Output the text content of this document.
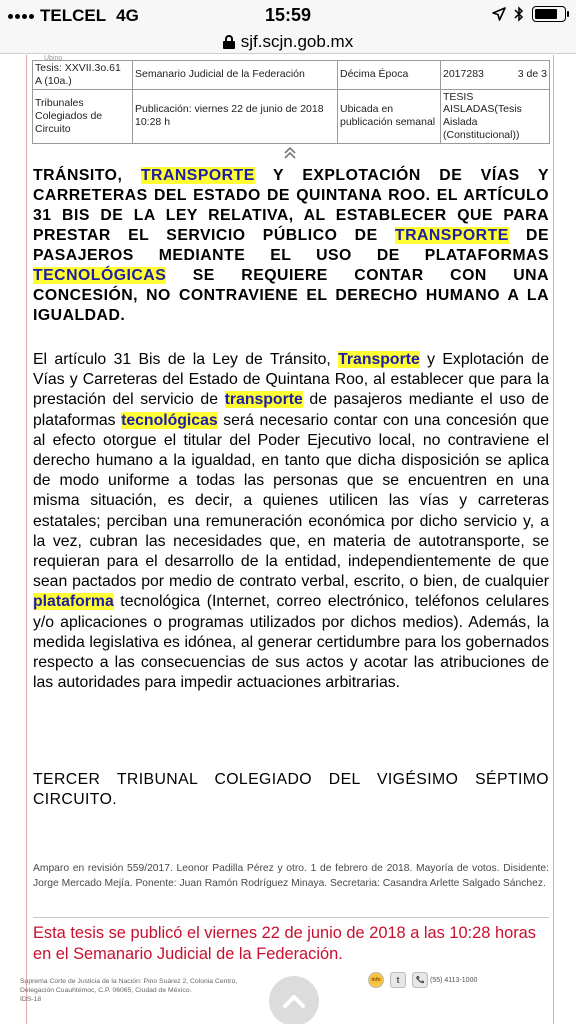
TELCEL 4G	15:59
sjf.scjn.gob.mx
Ubino
Tesis: XXVII.3o.61 A (10a.)	Semanario Judicial de la Federación	Décima Época	2017283 3 de 3

Tribunales Colegiados de Circuito	Publicación: viernes 22 de junio de 2018 10:28 h	Ubicada en publicación semanal	TESIS AISLADAS(Tesis Aislada (Constitucional))
TRÁNSITO, TRANSPORTE Y EXPLOTACIÓN DE VÍAS Y CARRETERAS DEL ESTADO DE QUINTANA ROO. EL ARTÍCULO 31 BIS DE LA LEY RELATIVA, AL ESTABLECER QUE PARA PRESTAR EL SERVICIO PÚBLICO DE TRANSPORTE DE PASAJEROS MEDIANTE EL USO DE PLATAFORMAS TECNOLÓGICAS SE REQUIERE CONTAR CON UNA CONCESIÓN, NO CONTRAVIENE EL DERECHO HUMANO A LA IGUALDAD.
El artículo 31 Bis de la Ley de Tránsito, Transporte y Explotación de Vías y Carreteras del Estado de Quintana Roo, al establecer que para la prestación del servicio de transporte de pasajeros mediante el uso de plataformas tecnológicas será necesario contar con una concesión que al efecto otorgue el titular del Poder Ejecutivo local, no contraviene el derecho humano a la igualdad, en tanto que dicha disposición se aplica de modo uniforme a todas las personas que se encuentren en una misma situación, es decir, a quienes utilicen las vías y carreteras estatales; perciban una remuneración económica por dicho servicio y, a la vez, cubran las necesidades que, en materia de autotransporte, se requieran para el desarrollo de la entidad, independientemente de que sean pactados por medio de contrato verbal, escrito, o bien, de cualquier plataforma tecnológica (Internet, correo electrónico, teléfonos celulares y/o aplicaciones o programas utilizados por dichos medios). Además, la medida legislativa es idónea, al generar certidumbre para los gobernados respecto a las consecuencias de sus actos y acotar las atribuciones de las autoridades para impedir actuaciones arbitrarias.
TERCER TRIBUNAL COLEGIADO DEL VIGÉSIMO SÉPTIMO CIRCUITO.
Amparo en revisión 559/2017. Leonor Padilla Pérez y otro. 1 de febrero de 2018. Mayoría de votos. Disidente: Jorge Mercado Mejía. Ponente: Juan Ramón Rodríguez Minaya. Secretaria: Casandra Arlette Salgado Sánchez.
Esta tesis se publicó el viernes 22 de junio de 2018 a las 10:28 horas en el Semanario Judicial de la Federación.
Suprema Corte de Justicia de la Nación: Pino Suárez 2, Colonia Centro,
Delegación Cuauhtémoc, C.P. 06065, Ciudad de México.
IDS-18
info	t	(55) 4113-1000
